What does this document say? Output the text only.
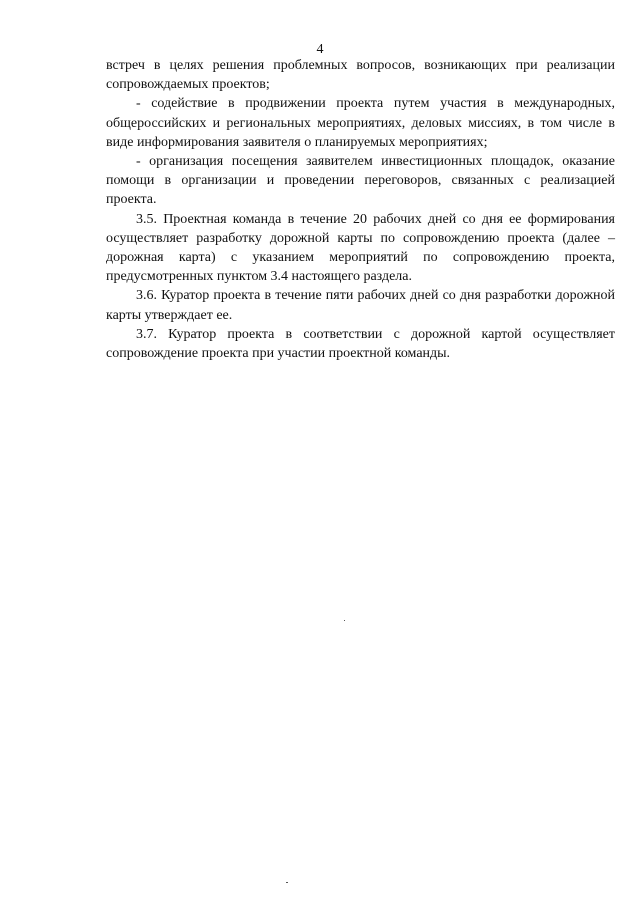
4

встреч в целях решения проблемных вопросов, возникающих при реализации сопровождаемых проектов;

- содействие в продвижении проекта путем участия в международных, общероссийских и региональных мероприятиях, деловых миссиях, в том числе в виде информирования заявителя о планируемых мероприятиях;

- организация посещения заявителем инвестиционных площадок, оказание помощи в организации и проведении переговоров, связанных с реализацией проекта.

3.5. Проектная команда в течение 20 рабочих дней со дня ее формирования осуществляет разработку дорожной карты по сопровождению проекта (далее – дорожная карта) с указанием мероприятий по сопровождению проекта, предусмотренных пунктом 3.4 настоящего раздела.

3.6. Куратор проекта в течение пяти рабочих дней со дня разработки дорожной карты утверждает ее.

3.7. Куратор проекта в соответствии с дорожной картой осуществляет сопровождение проекта при участии проектной команды.
